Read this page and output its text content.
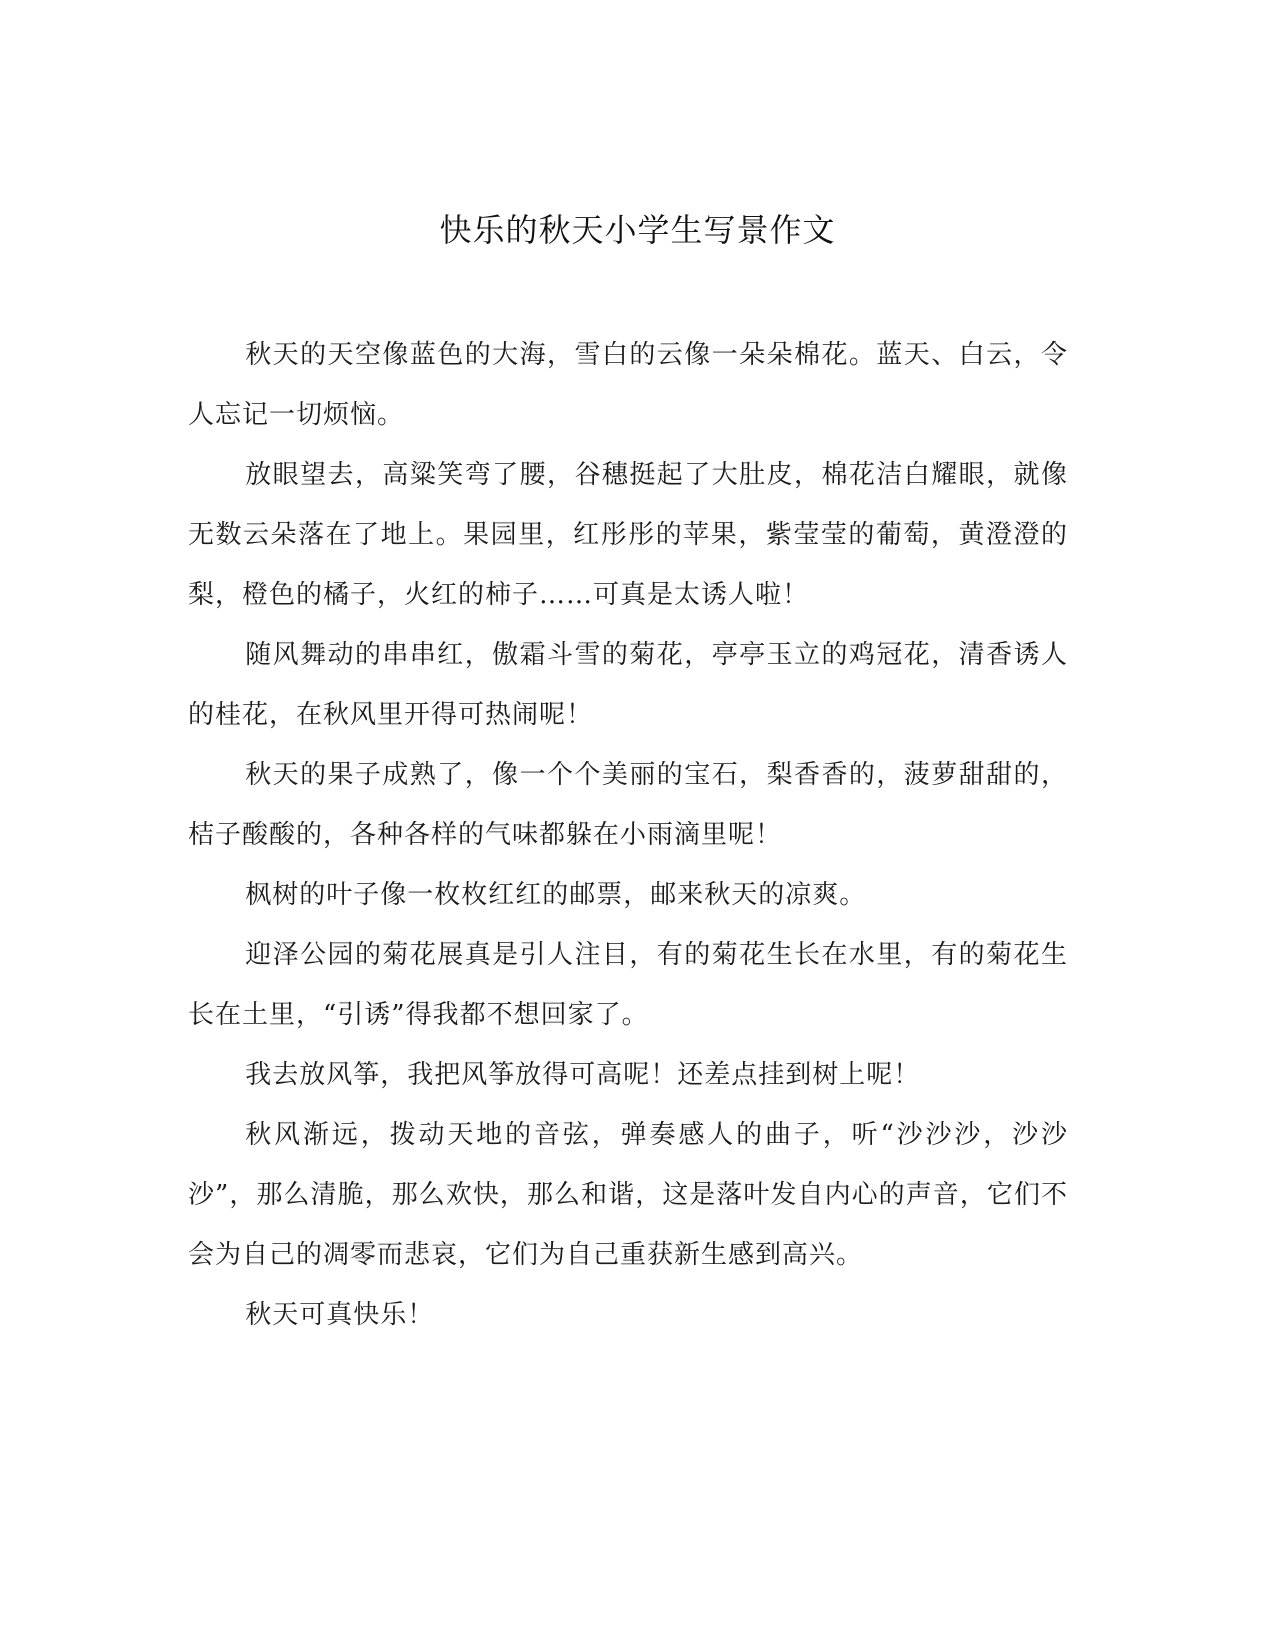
快乐的秋天小学生写景作文

秋天的天空像蓝色的大海，雪白的云像一朵朵棉花。蓝天、白云，令人忘记一切烦恼。

放眼望去，高粱笑弯了腰，谷穗挺起了大肚皮，棉花洁白耀眼，就像无数云朵落在了地上。果园里，红彤彤的苹果，紫莹莹的葡萄，黄澄澄的梨，橙色的橘子，火红的柿子……可真是太诱人啦！

随风舞动的串串红，傲霜斗雪的菊花，亭亭玉立的鸡冠花，清香诱人的桂花，在秋风里开得可热闹呢！

秋天的果子成熟了，像一个个美丽的宝石，梨香香的，菠萝甜甜的，桔子酸酸的，各种各样的气味都躲在小雨滴里呢！

枫树的叶子像一枚枚红红的邮票，邮来秋天的凉爽。

迎泽公园的菊花展真是引人注目，有的菊花生长在水里，有的菊花生长在土里，“引诱”得我都不想回家了。

我去放风筝，我把风筝放得可高呢！还差点挂到树上呢！

秋风渐远，拨动天地的音弦，弹奏感人的曲子，听“沙沙沙，沙沙沙”，那么清脆，那么欢快，那么和谐，这是落叶发自内心的声音，它们不会为自己的凋零而悲哀，它们为自己重获新生感到高兴。

秋天可真快乐！
